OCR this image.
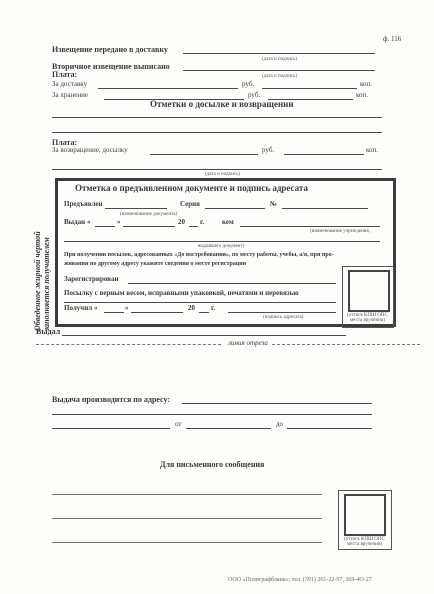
ф. 116
Извещение передано в доставку
(дата и подпись)
Вторичное извещение выписано
(дата и подпись)
Плата:
За доставку	руб.	коп.
За хранение	руб.	коп.
Отметки о досылке и возвращении
Плата:
За возвращение, досылку	руб.	коп.
(дата и подпись)
Обведенное жирной чертой заполняется получателем
Отметка о предъявленном документе и подпись адресата
Предъявлен	Серия	№
(наименование документа)
Выдан «	»	20 г.	кем
(наименование учреждения,
выдавшего документ)
При получении посылок, адресованных «До востребования», по месту работы, учебы, а/я, при про-
живании по другому адресу укажите сведения о месте регистрации
Зарегистрирован
Посылку с верным весом, исправными упаковкой, печатями и перевязью
Получил «	»	20 г.
(подпись адресата)	(оттиск КПШ ОПС
места вручения)
Выдал
линия отреза
Выдача производится по адресу:
от	до
Для письменного сообщения
(оттиск КПШ ОПС
места вручения)
ООО «Полиграфбланк», тел. (391) 261-22-97, 269-4О-27
